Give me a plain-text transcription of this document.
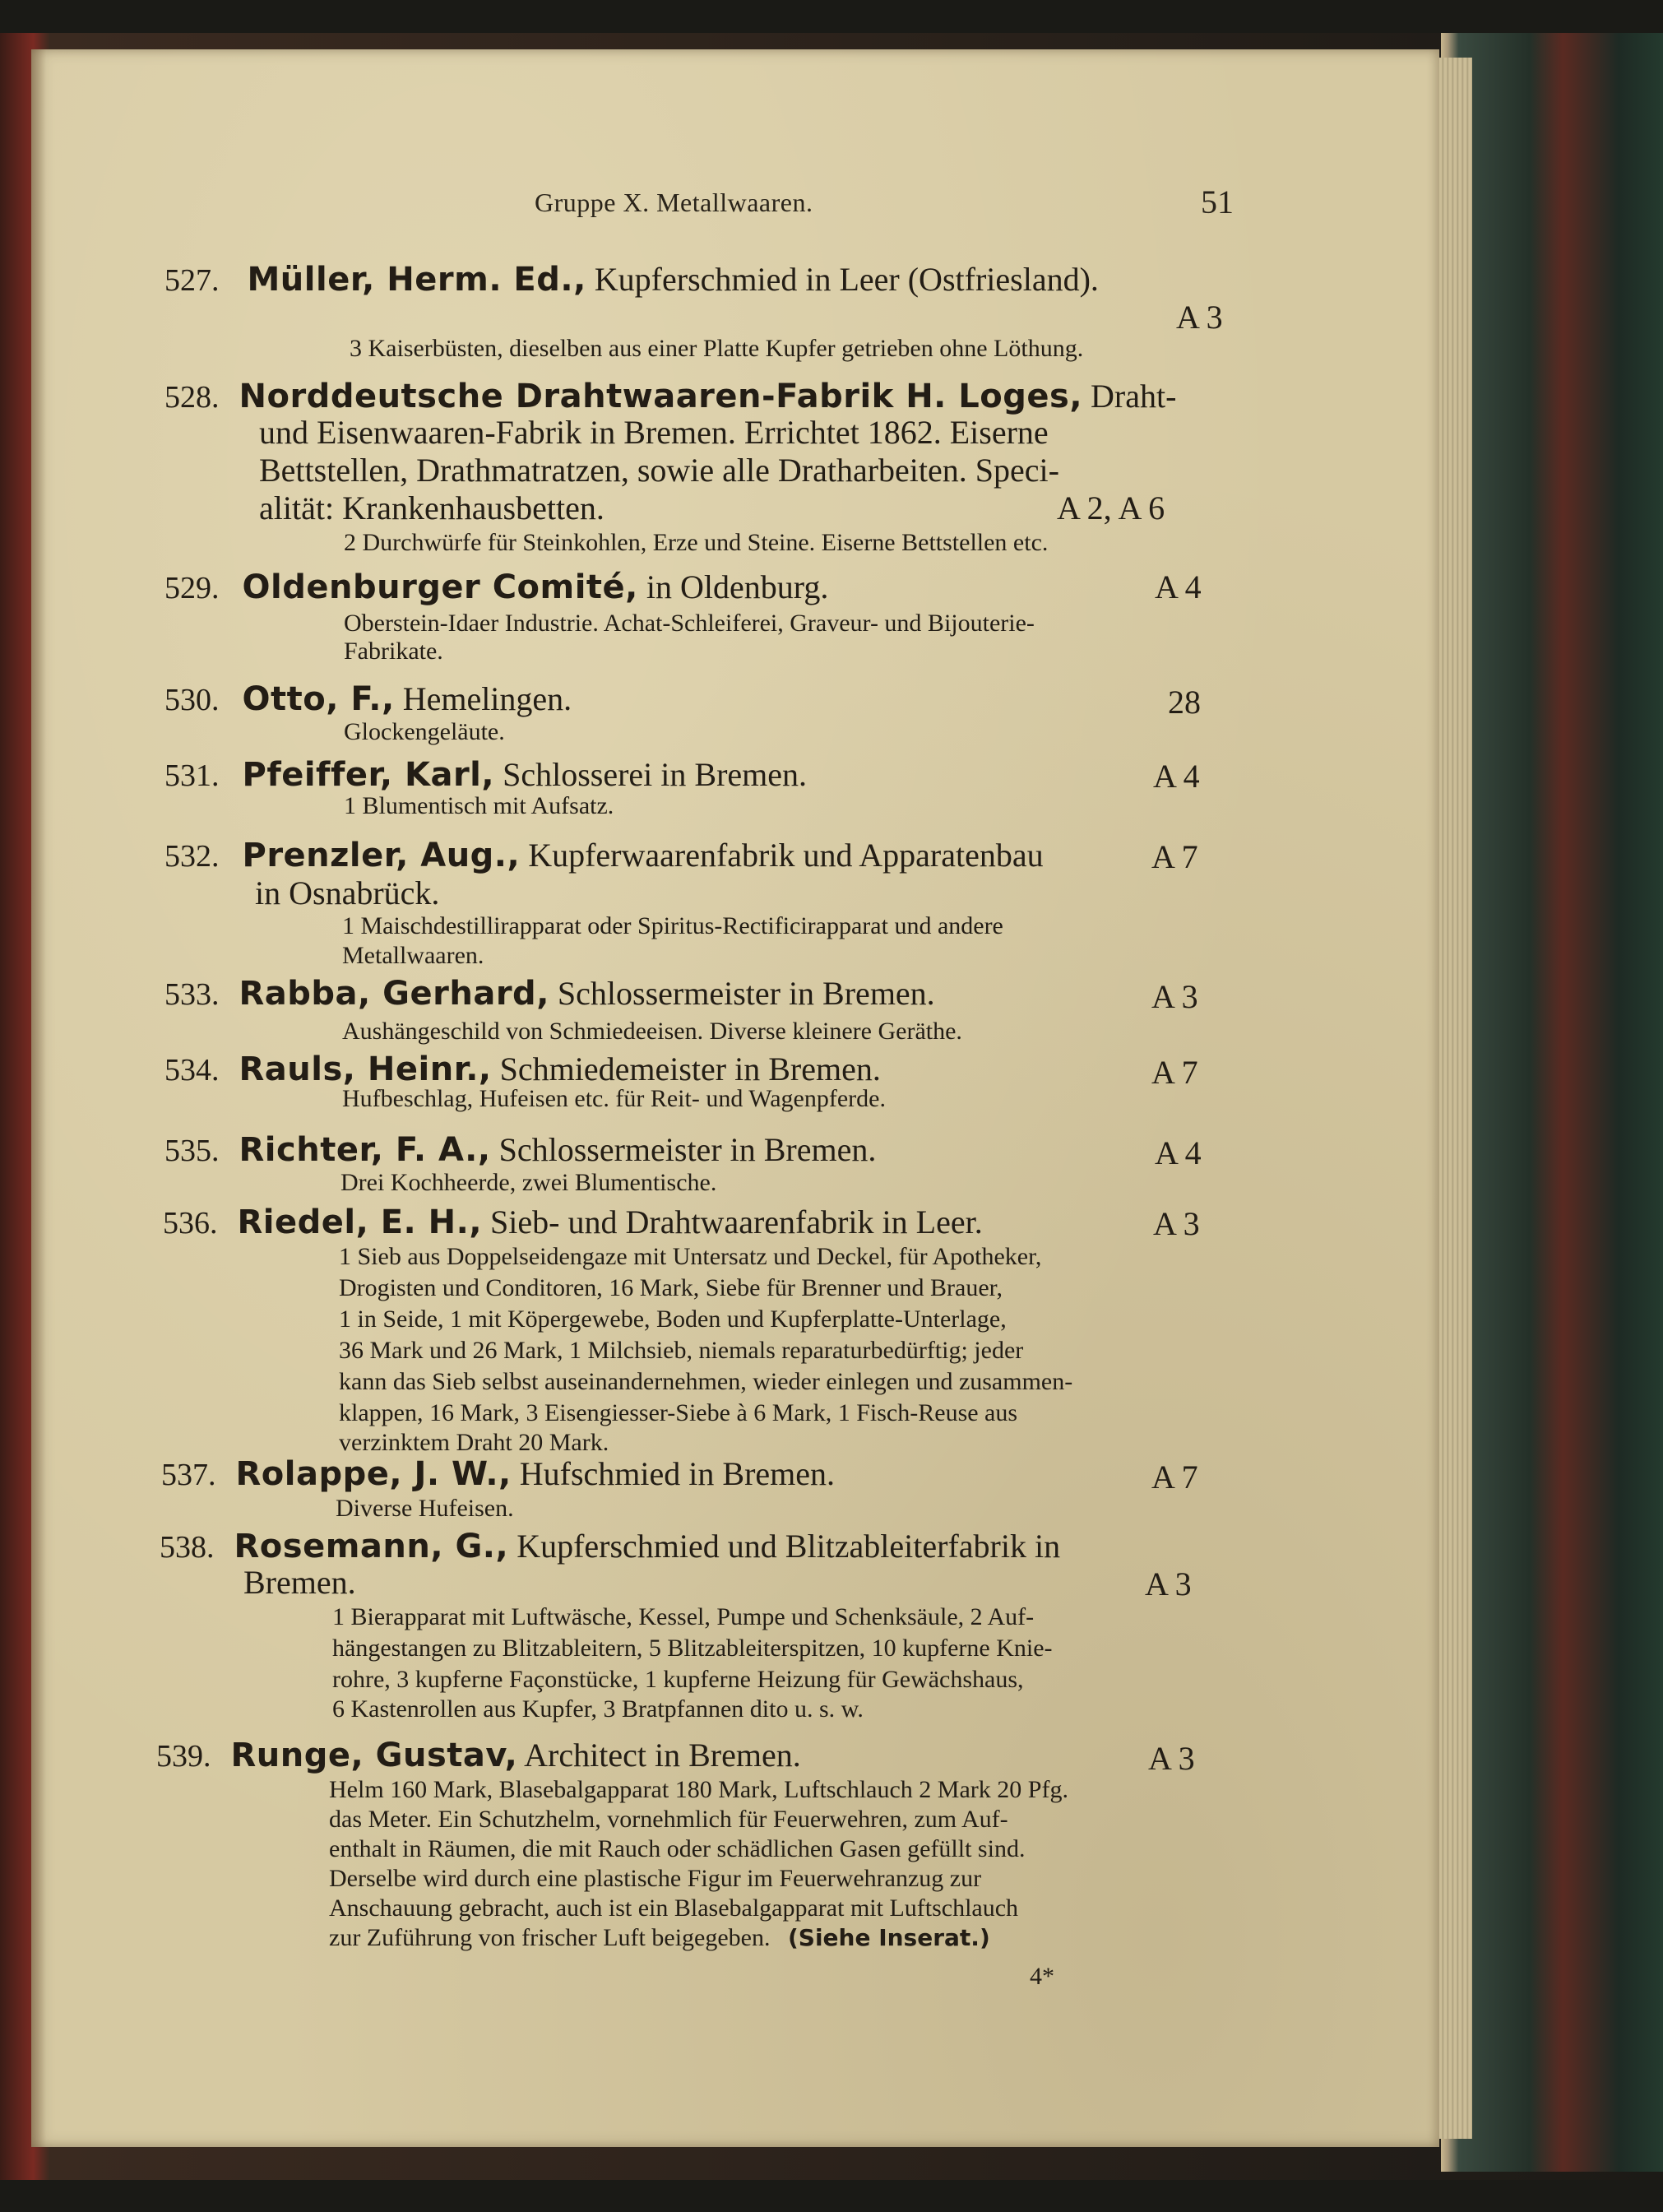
Gruppe X. Metallwaaren.	51
527. Müller, Herm. Ed., Kupferschmied in Leer (Ostfriesland).
A 3
3 Kaiserbüsten, dieselben aus einer Platte Kupfer getrieben ohne Löthung.
528. Norddeutsche Drahtwaaren-Fabrik H. Loges, Draht-
und Eisenwaaren-Fabrik in Bremen. Errichtet 1862. Eiserne
Bettstellen, Drathmatratzen, sowie alle Dratharbeiten. Speci-
alität: Krankenhausbetten.	A 2, A 6
2 Durchwürfe für Steinkohlen, Erze und Steine. Eiserne Bettstellen etc.
529. Oldenburger Comité, in Oldenburg.	A 4
Oberstein-Idaer Industrie. Achat-Schleiferei, Graveur- und Bijouterie-
Fabrikate.
530. Otto, F., Hemelingen.	28
Glockengeläute.
531. Pfeiffer, Karl, Schlosserei in Bremen.	A 4
1 Blumentisch mit Aufsatz.
532. Prenzler, Aug., Kupferwaarenfabrik und Apparatenbau	A 7
in Osnabrück.
1 Maischdestillirapparat oder Spiritus-Rectificirapparat und andere
Metallwaaren.
533. Rabba, Gerhard, Schlossermeister in Bremen.	A 3
Aushängeschild von Schmiedeeisen. Diverse kleinere Geräthe.
534. Rauls, Heinr., Schmiedemeister in Bremen.	A 7
Hufbeschlag, Hufeisen etc. für Reit- und Wagenpferde.
535. Richter, F. A., Schlossermeister in Bremen.	A 4
Drei Kochheerde, zwei Blumentische.
536. Riedel, E. H., Sieb- und Drahtwaarenfabrik in Leer.	A 3
1 Sieb aus Doppelseidengaze mit Untersatz und Deckel, für Apotheker,
Drogisten und Conditoren, 16 Mark, Siebe für Brenner und Brauer,
1 in Seide, 1 mit Köpergewebe, Boden und Kupferplatte-Unterlage,
36 Mark und 26 Mark, 1 Milchsieb, niemals reparaturbedürftig; jeder
kann das Sieb selbst auseinandernehmen, wieder einlegen und zusammen-
klappen, 16 Mark, 3 Eisengiesser-Siebe à 6 Mark, 1 Fisch-Reuse aus
verzinktem Draht 20 Mark.
537. Rolappe, J. W., Hufschmied in Bremen.	A 7
Diverse Hufeisen.
538. Rosemann, G., Kupferschmied und Blitzableiterfabrik in
Bremen.	A 3
1 Bierapparat mit Luftwäsche, Kessel, Pumpe und Schenksäule, 2 Auf-
hängestangen zu Blitzableitern, 5 Blitzableiterspitzen, 10 kupferne Knie-
rohre, 3 kupferne Façonstücke, 1 kupferne Heizung für Gewächshaus,
6 Kastenrollen aus Kupfer, 3 Bratpfannen dito u. s. w.
539. Runge, Gustav, Architect in Bremen.	A 3
Helm 160 Mark, Blasebalgapparat 180 Mark, Luftschlauch 2 Mark 20 Pfg.
das Meter. Ein Schutzhelm, vornehmlich für Feuerwehren, zum Auf-
enthalt in Räumen, die mit Rauch oder schädlichen Gasen gefüllt sind.
Derselbe wird durch eine plastische Figur im Feuerwehranzug zur
Anschauung gebracht, auch ist ein Blasebalgapparat mit Luftschlauch
zur Zuführung von frischer Luft beigegeben. (Siehe Inserat.)
4*
